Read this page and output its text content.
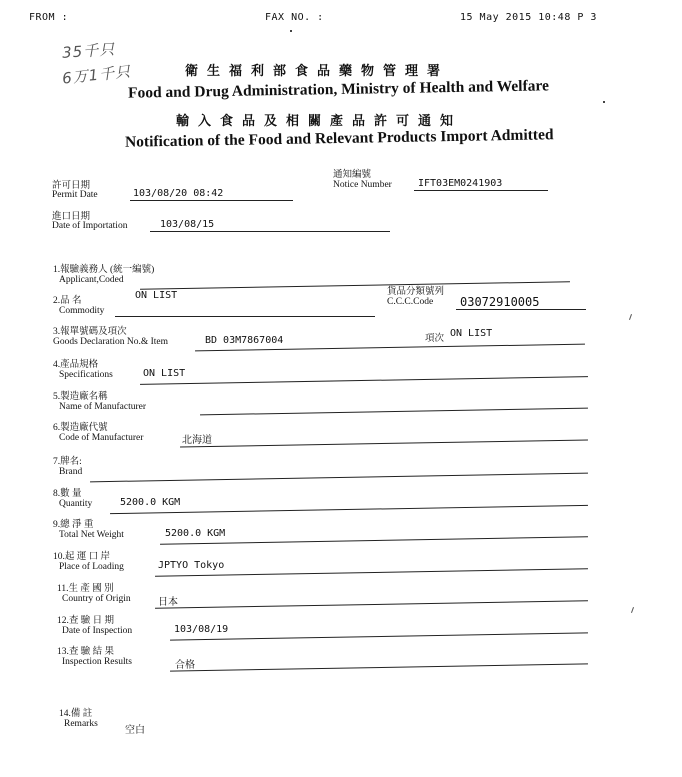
FROM :	FAX NO. :	15 May 2015 10:48 P 3
35千只
6万1千只	衛生福利部食品藥物管理署
Food and Drug Administration, Ministry of Health and Welfare
輸入食品及相關產品許可通知
Notification of the Food and Relevant Products Import Admitted
許可日期
Permit Date	103/08/20 08:42
通知編號
Notice Number	IFT03EM0241903
進口日期
Date of Importation	103/08/15
1.報驗義務人 (統一編號)
Applicant,Coded
2.品 名	ON LIST
Commodity
貨品分類號列
C.C.C.Code 03072910005
3.報單號碼及項次
Goods Declaration No.& Item	BD 03M7867004	項次 ON LIST
4.產品規格
Specifications	ON LIST
5.製造廠名稱
Name of Manufacturer
6.製造廠代號
Code of Manufacturer	北海道
7.牌名:
Brand
8.數 量
Quantity	5200.0 KGM
9.總 淨 重
Total Net Weight	5200.0 KGM
10.起 運 口 岸
Place of Loading	JPTYO Tokyo
11.生 產 國 別
Country of Origin	日本
12.查 驗 日 期
Date of Inspection	103/08/19
13.查 驗 結 果
Inspection Results	合格
14.備 註
Remarks
空白
